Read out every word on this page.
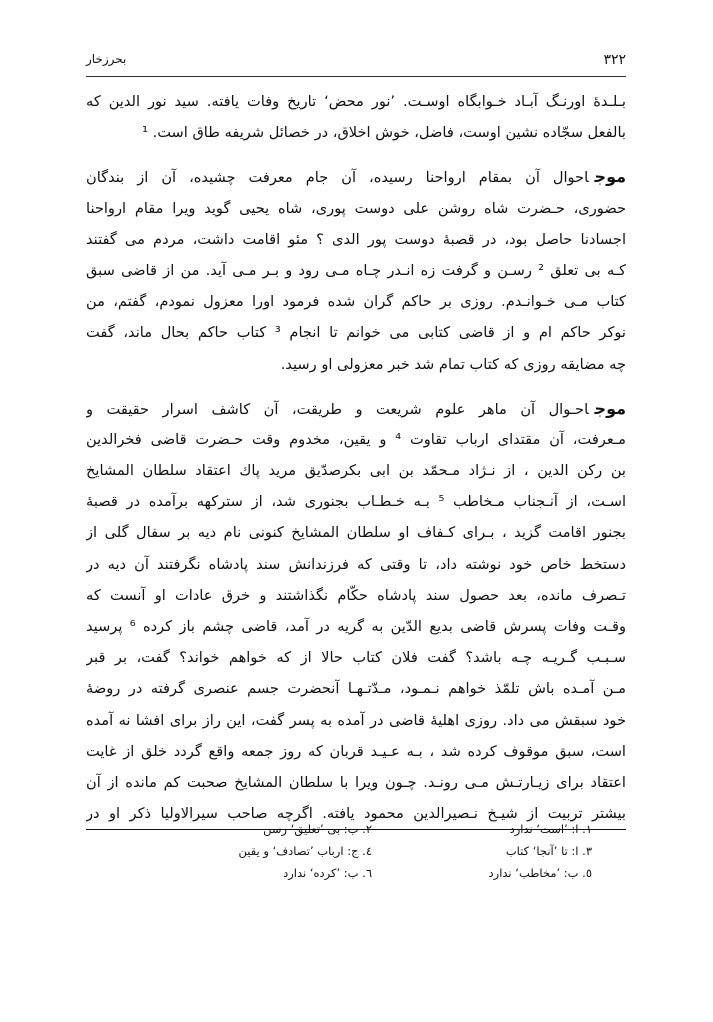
۳۲۲
بحرزخار
بـلـدهٔ اورنـگ آبـاد خـوابگاه اوسـت. ’نور محض‘ تاریخ وفات یافته. سید نور الدین که
بالفعل سجّاده نشین اوست، فاضل، خوش اخلاق، در خصائل شریفه طاق است. ¹
موجاحوال آن بمقام ارواحنا رسیده، آن جام معرفت چشیده، آن از بندگان
حضوری، حـضرت شاه روشن علی دوست پوری، شاه یحیی گوید ویرا مقام ارواحنا
اجسادنا حاصل بود، در قصبهٔ دوست پور الدی ؟ مئو اقامت داشت، مردم می گفتند
کـه بی تعلق ² رسـن و گرفت زه انـدر چـاه مـی رود و بـر مـی آید. من از قاضی سبق
کتاب مـی خـوانـدم. روزی بر حاکم گران شده فرمود اورا معزول نمودم، گفتم، من
نوکر حاکم ام و از قاضی کتابی می خوانم تا انجام ³ کتاب حاکم بحال ماند، گفت
چه مضایقه روزی که کتاب تمام شد خبر معزولی او رسید.
موجاحـوال آن ماهر علوم شریعت و طریقت، آن کاشف اسرار حقیقت و
مـعرفت، آن مقتدای ارباب تقاوت ⁴ و یقین، مخدوم وقت حـضرت قاضی فخرالدین
بن رکن الدین ، از نـژاد مـحمّد بن ابی بکرصدّیق مرید پاك اعتقاد سلطان المشایخ
اسـت، از آنـجناب مـخاطب ⁵ بـه خـطـاب بجنوری شد، از سترکهه برآمده در قصبهٔ
بجنور اقامت گزید ، بـرای کـفاف او سلطان المشایخ کنونی نام دیه بر سفال گلی از
دستخط خاص خود نوشته داد، تا وقتی که فرزندانش سند پادشاه نگرفتند آن دیه در
تـصرف مانده، بعد حصول سند پادشاه حکّام نگذاشتند و خرق عادات او آنست که
وقـت وفات پسرش قاضی بدیع الدّین به گریه در آمد، قاضی چشم باز کرده ⁶ پرسید
سـبـب گـریـه چـه باشد؟ گفت فلان کتاب حالا از که خواهم خواند؟ گفت، بر قبر
مـن آمـده باش تلمّذ خواهم نـمـود، مـدّتـهـا آنحضرت جسم عنصری گرفته در روضهٔ
خود سبقش می داد. روزی اهلیهٔ قاضی در آمده به پسر گفت، این راز برای افشا نه آمده
است، سبق موقوف کرده شد ، بـه عـیـد قربان که روز جمعه واقع گردد خلق از غایت
اعتقاد برای زیـارتـش مـی رونـد. چـون ویرا با سلطان المشایخ صحبت کم مانده از آن
بیشتر تربیت از شیـخ نـصیرالدین محمود یافته. اگرچه صاحب سیرالاولیا ذکر او در
۱. ا: ’است‘ ندارد
۲. ب: بی ’تعلیق‘ رسن
۳. ا: تا ’آنجا‘ کتاب
٤. ج: ارباب ’تصادف‘ و یقین
٥. ب: ’مخاطب‘ ندارد
٦. ب: ’کرده‘ ندارد
